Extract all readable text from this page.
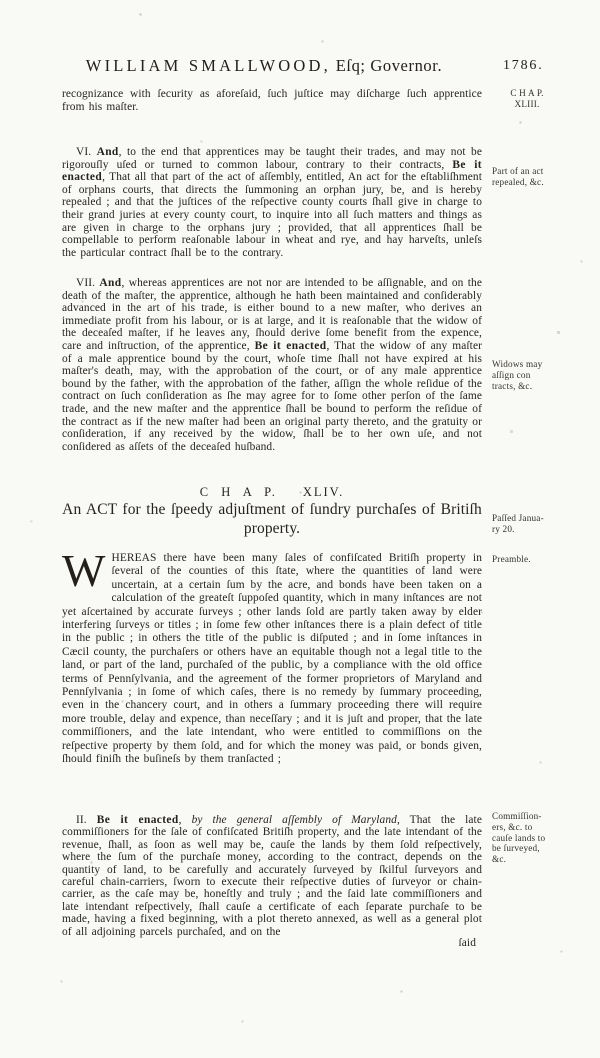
WILLIAM SMALLWOOD, Eſq; Governor.	1786.
recognizance with ſecurity as aforeſaid, ſuch juſtice may diſcharge ſuch apprentice from his maſter.
VI. And, to the end that apprentices may be taught their trades, and may not be rigorouſly uſed or turned to common labour, contrary to their contracts, Be it enacted, That all that part of the act of aſſembly, entitled, An act for the eſtabliſhment of orphans courts, that directs the ſummoning an orphan jury, be, and is hereby repealed ; and that the juſtices of the reſpective county courts ſhall give in charge to their grand juries at every county court, to inquire into all ſuch matters and things as are given in charge to the orphans jury ; provided, that all apprentices ſhall be compellable to perform reaſonable labour in wheat and rye, and hay harveſts, unleſs the particular contract ſhall be to the contrary.
VII. And, whereas apprentices are not nor are intended to be aſſignable, and on the death of the maſter, the apprentice, although he hath been maintained and conſiderably advanced in the art of his trade, is either bound to a new maſter, who derives an immediate profit from his labour, or is at large, and it is reaſonable that the widow of the deceaſed maſter, if he leaves any, ſhould derive ſome benefit from the expence, care and inſtruction, of the apprentice, Be it enacted, That the widow of any maſter of a male apprentice bound by the court, whoſe time ſhall not have expired at his maſter's death, may, with the approbation of the court, or of any male apprentice bound by the father, with the approbation of the father, aſſign the whole reſidue of the contract on ſuch conſideration as ſhe may agree for to ſome other perſon of the ſame trade, and the new maſter and the apprentice ſhall be bound to perform the reſidue of the contract as if the new maſter had been an original party thereto, and the gratuity or conſideration, if any received by the widow, ſhall be to her own uſe, and not conſidered as aſſets of the deceaſed huſband.
C H A P. XLIV.
An ACT for the ſpeedy adjuſtment of ſundry purchaſes of Britiſh property.
WHEREAS there have been many ſales of confiſcated Britiſh property in ſeveral of the counties of this ſtate, where the quantities of land were uncertain, at a certain ſum by the acre, and bonds have been taken on a calculation of the greateſt ſuppoſed quantity, which in many inſtances are not yet aſcertained by accurate ſurveys ; other lands ſold are partly taken away by elder interfering ſurveys or titles ; in ſome few other inſtances there is a plain defect of title in the public ; in others the title of the public is diſputed ; and in ſome inſtances in Cæcil county, the purchaſers or others have an equitable though not a legal title to the land, or part of the land, purchaſed of the public, by a compliance with the old office terms of Pennſylvania, and the agreement of the former proprietors of Maryland and Pennſylvania ; in ſome of which caſes, there is no remedy by ſummary proceeding, even in the chancery court, and in others a ſummary proceeding there will require more trouble, delay and expence, than neceſſary ; and it is juſt and proper, that the late commiſſioners, and the late intendant, who were entitled to commiſſions on the reſpective property by them ſold, and for which the money was paid, or bonds given, ſhould finiſh the buſineſs by them tranſacted ;
II. Be it enacted, by the general aſſembly of Maryland, That the late commiſſioners for the ſale of confiſcated Britiſh property, and the late intendant of the revenue, ſhall, as ſoon as well may be, cauſe the lands by them ſold reſpectively, where the ſum of the purchaſe money, according to the contract, depends on the quantity of land, to be carefully and accurately ſurveyed by ſkilful ſurveyors and careful chain-carriers, ſworn to execute their reſpective duties of ſurveyor or chain-carrier, as the caſe may be, honeſtly and truly ; and the ſaid late commiſſioners and late intendant reſpectively, ſhall cauſe a certificate of each ſeparate purchaſe to be made, having a fixed beginning, with a plot thereto annexed, as well as a general plot of all adjoining parcels purchaſed, and on the
ſaid
C H A P.
XLIII.
Part of an act
repealed, &c.
Widows may
aſſign con
tracts, &c.
Paſſed Janua-
ry 20.
Preamble.
Commiſſion-
ers, &c. to
cauſe lands to
be ſurveyed,
&c.
